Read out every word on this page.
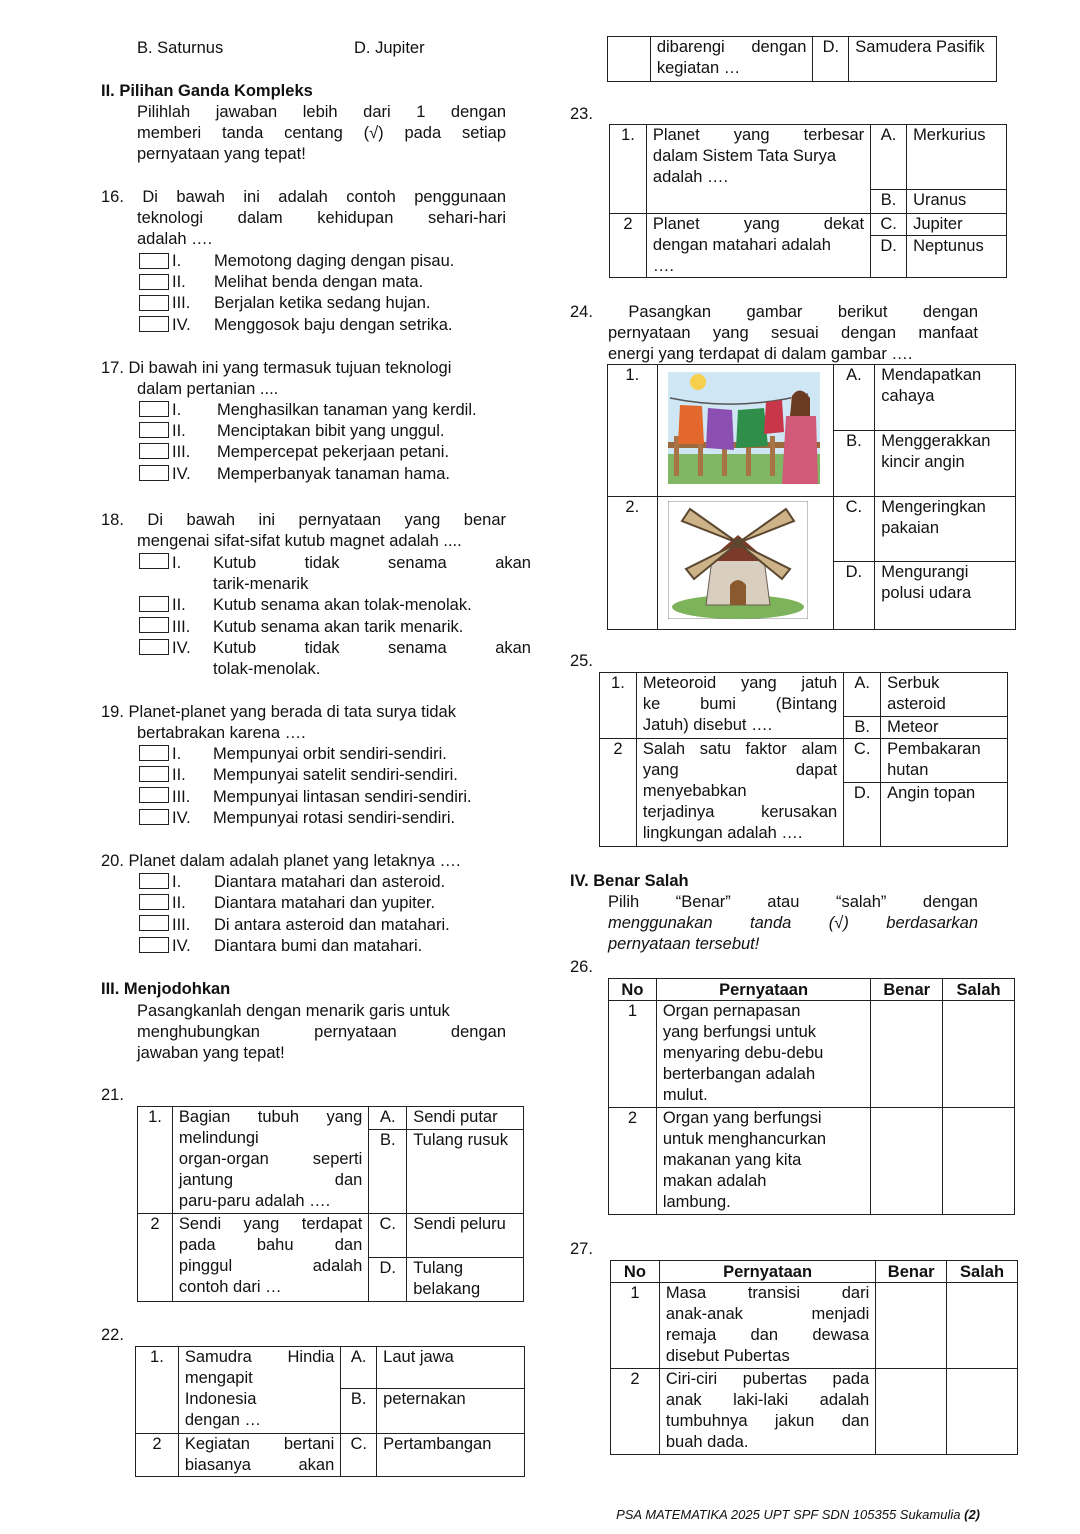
B. Saturnus	D. Jupiter
II. Pilihan Ganda Kompleks
Pilihlah jawaban lebih dari 1 dengan
memberi tanda centang (√) pada setiap
pernyataan yang tepat!
16. Di bawah ini adalah contoh penggunaan
teknologi dalam kehidupan sehari-hari
adalah ….
I. Memotong daging dengan pisau.
II. Melihat benda dengan mata.
III. Berjalan ketika sedang hujan.
IV. Menggosok baju dengan setrika.
17. Di bawah ini yang termasuk tujuan teknologi
dalam pertanian ....
I. Menghasilkan tanaman yang kerdil.
II. Menciptakan bibit yang unggul.
III. Mempercepat pekerjaan petani.
IV. Memperbanyak tanaman hama.
18. Di bawah ini pernyataan yang benar
mengenai sifat-sifat kutub magnet adalah ....
I. Kutub tidak senama akan
tarik-menarik
II. Kutub senama akan tolak-menolak.
III. Kutub senama akan tarik menarik.
IV. Kutub tidak senama akan
tolak-menolak.
19. Planet-planet yang berada di tata surya tidak
bertabrakan karena ….
I. Mempunyai orbit sendiri-sendiri.
II. Mempunyai satelit sendiri-sendiri.
III. Mempunyai lintasan sendiri-sendiri.
IV. Mempunyai rotasi sendiri-sendiri.
20. Planet dalam adalah planet yang letaknya ….
I. Diantara matahari dan asteroid.
II. Diantara matahari dan yupiter.
III. Di antara asteroid dan matahari.
IV. Diantara bumi dan matahari.
III. Menjodohkan
Pasangkanlah dengan menarik garis untuk
menghubungkan pernyataan dengan
jawaban yang tepat!
21.
1.	Bagian tubuh yang
melindungi
organ-organ seperti
jantung dan
paru-paru adalah ….	A.	Sendi putar
		B.	Tulang rusuk
2	Sendi yang terdapat
pada bahu dan
pinggul adalah
contoh dari …	C.	Sendi peluru
		D.	Tulang belakang
22.
1.	Samudra Hindia
mengapit
Indonesia
dengan …	A.	Laut jawa
		B.	peternakan
2	Kegiatan bertani
biasanya akan	C.	Pertambangan

dibarengi dengan
kegiatan …
	D.	Samudera Pasifik
23.
1.	Planet yang terbesar
dalam Sistem Tata Surya
adalah ….	A.	Merkurius
		B.	Uranus
2	Planet yang dekat
dengan matahari adalah
….	C.	Jupiter
		D.	Neptunus
24. Pasangkan gambar berikut dengan
pernyataan yang sesuai dengan manfaat
energi yang terdapat di dalam gambar ….
1.		A.	Mendapatkan cahaya
		B.	Menggerakkan kincir angin
2.		C.	Mengeringkan pakaian
		D.	Mengurangi polusi udara
25.
1.	Meteoroid yang jatuh
ke bumi (Bintang
Jatuh) disebut ….	A.	Serbuk asteroid
		B.	Meteor
2	Salah satu faktor alam
yang dapat
menyebabkan
terjadinya kerusakan
lingkungan adalah ….	C.	Pembakaran hutan
		D.	Angin topan
IV. Benar Salah
Pilih “Benar” atau “salah” dengan
menggunakan tanda (√) berdasarkan
pernyataan tersebut!
26.
No	Pernyataan	Benar	Salah
1	Organ pernapasan
yang berfungsi untuk
menyaring debu-debu
berterbangan adalah
mulut.		

2	Organ yang berfungsi
untuk menghancurkan
makanan yang kita
makan adalah
lambung.		

27.
No	Pernyataan	Benar	Salah
1	Masa transisi dari
anak-anak menjadi
remaja dan dewasa
disebut Pubertas		

2	Ciri-ciri pubertas pada
anak laki-laki adalah
tumbuhnya jakun dan
buah dada.		

PSA MATEMATIKA 2025 UPT SPF SDN 105355 Sukamulia (2)
